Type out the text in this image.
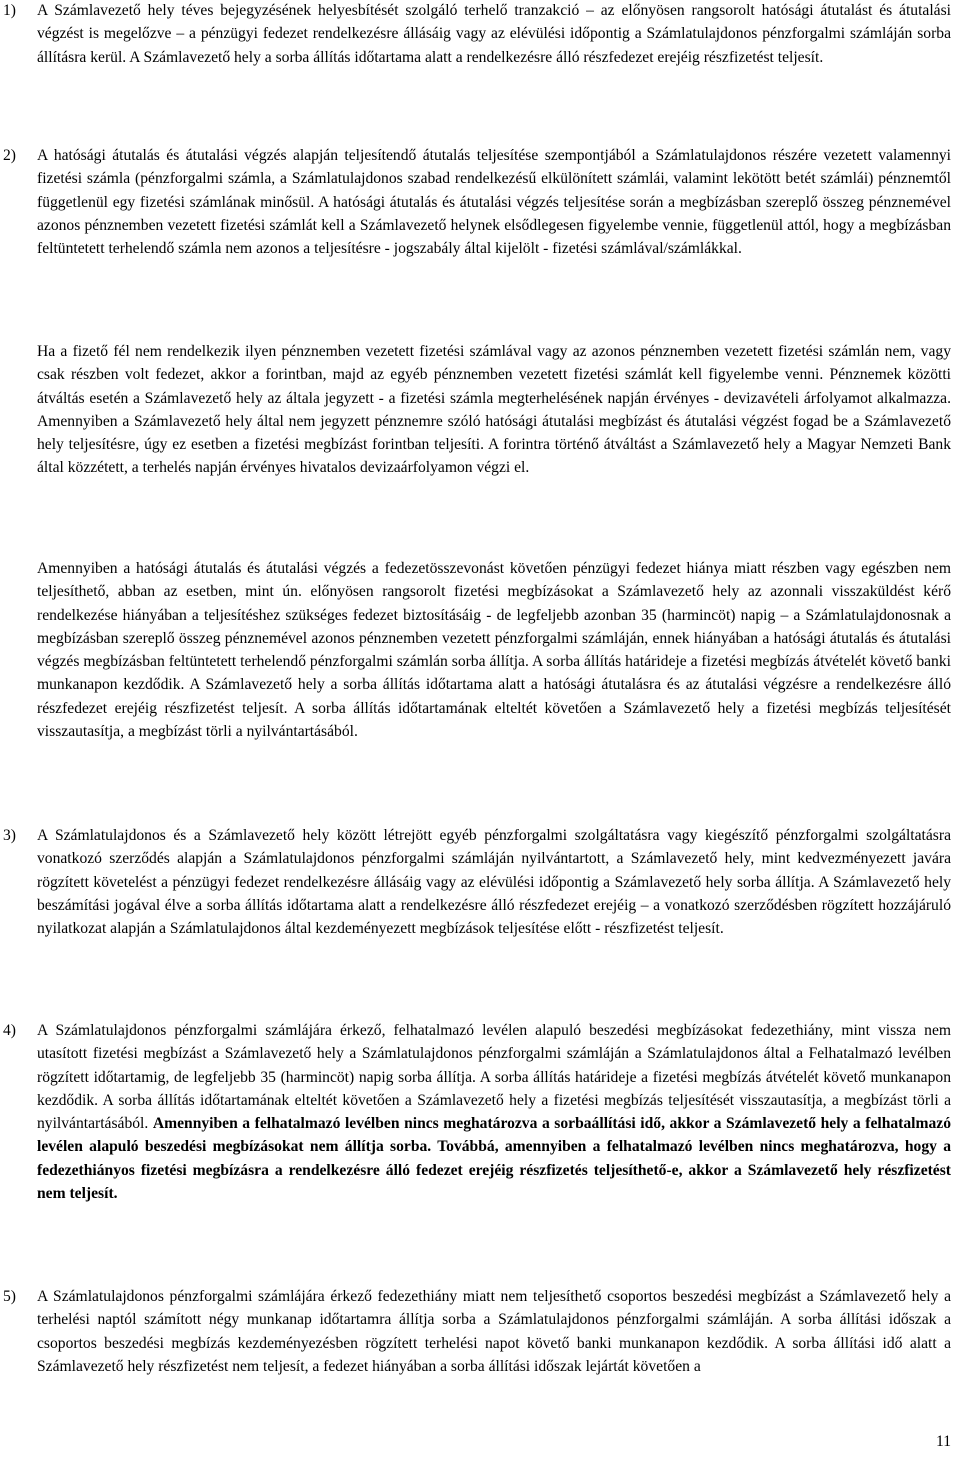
1) A Számlavezető hely téves bejegyzésének helyesbítését szolgáló terhelő tranzakció – az előnyösen rangsorolt hatósági átutalást és átutalási végzést is megelőzve – a pénzügyi fedezet rendelkezésre állásáig vagy az elévülési időpontig a Számlatulajdonos pénzforgalmi számláján sorba állításra kerül. A Számlavezető hely a sorba állítás időtartama alatt a rendelkezésre álló részfedezet erejéig részfizetést teljesít.

2) A hatósági átutalás és átutalási végzés alapján teljesítendő átutalás teljesítése szempontjából a Számlatulajdonos részére vezetett valamennyi fizetési számla (pénzforgalmi számla, a Számlatulajdonos szabad rendelkezésű elkülönített számlái, valamint lekötött betét számlái) pénznemtől függetlenül egy fizetési számlának minősül. A hatósági átutalás és átutalási végzés teljesítése során a megbízásban szereplő összeg pénznemével azonos pénznemben vezetett fizetési számlát kell a Számlavezető helynek elsődlegesen figyelembe vennie, függetlenül attól, hogy a megbízásban feltüntetett terhelendő számla nem azonos a teljesítésre - jogszabály által kijelölt - fizetési számlával/számlákkal.

Ha a fizető fél nem rendelkezik ilyen pénznemben vezetett fizetési számlával vagy az azonos pénznemben vezetett fizetési számlán nem, vagy csak részben volt fedezet, akkor a forintban, majd az egyéb pénznemben vezetett fizetési számlát kell figyelembe venni. Pénznemek közötti átváltás esetén a Számlavezető hely az általa jegyzett - a fizetési számla megterhelésének napján érvényes - devizavételi árfolyamot alkalmazza. Amennyiben a Számlavezető hely által nem jegyzett pénznemre szóló hatósági átutalási megbízást és átutalási végzést fogad be a Számlavezető hely teljesítésre, úgy ez esetben a fizetési megbízást forintban teljesíti. A forintra történő átváltást a Számlavezető hely a Magyar Nemzeti Bank által közzétett, a terhelés napján érvényes hivatalos devizaárfolyamon végzi el.

Amennyiben a hatósági átutalás és átutalási végzés a fedezetösszevonást követően pénzügyi fedezet hiánya miatt részben vagy egészben nem teljesíthető, abban az esetben, mint ún. előnyösen rangsorolt fizetési megbízásokat a Számlavezető hely az azonnali visszaküldést kérő rendelkezése hiányában a teljesítéshez szükséges fedezet biztosításáig - de legfeljebb azonban 35 (harmincöt) napig – a Számlatulajdonosnak a megbízásban szereplő összeg pénznemével azonos pénznemben vezetett pénzforgalmi számláján, ennek hiányában a hatósági átutalás és átutalási végzés megbízásban feltüntetett terhelendő pénzforgalmi számlán sorba állítja. A sorba állítás határideje a fizetési megbízás átvételét követő banki munkanapon kezdődik. A Számlavezető hely a sorba állítás időtartama alatt a hatósági átutalásra és az átutalási végzésre a rendelkezésre álló részfedezet erejéig részfizetést teljesít. A sorba állítás időtartamának elteltét követően a Számlavezető hely a fizetési megbízás teljesítését visszautasítja, a megbízást törli a nyilvántartásából.

3) A Számlatulajdonos és a Számlavezető hely között létrejött egyéb pénzforgalmi szolgáltatásra vagy kiegészítő pénzforgalmi szolgáltatásra vonatkozó szerződés alapján a Számlatulajdonos pénzforgalmi számláján nyilvántartott, a Számlavezető hely, mint kedvezményezett javára rögzített követelést a pénzügyi fedezet rendelkezésre állásáig vagy az elévülési időpontig a Számlavezető hely sorba állítja. A Számlavezető hely beszámítási jogával élve a sorba állítás időtartama alatt a rendelkezésre álló részfedezet erejéig – a vonatkozó szerződésben rögzített hozzájáruló nyilatkozat alapján a Számlatulajdonos által kezdeményezett megbízások teljesítése előtt - részfizetést teljesít.

4) A Számlatulajdonos pénzforgalmi számlájára érkező, felhatalmazó levélen alapuló beszedési megbízásokat fedezethiány, mint vissza nem utasított fizetési megbízást a Számlavezető hely a Számlatulajdonos pénzforgalmi számláján a Számlatulajdonos által a Felhatalmazó levélben rögzített időtartamig, de legfeljebb 35 (harmincöt) napig sorba állítja. A sorba állítás határideje a fizetési megbízás átvételét követő munkanapon kezdődik. A sorba állítás időtartamának elteltét követően a Számlavezető hely a fizetési megbízás teljesítését visszautasítja, a megbízást törli a nyilvántartásából. Amennyiben a felhatalmazó levélben nincs meghatározva a sorbaállítási idő, akkor a Számlavezető hely a felhatalmazó levélen alapuló beszedési megbízásokat nem állítja sorba. Továbbá, amennyiben a felhatalmazó levélben nincs meghatározva, hogy a fedezethiányos fizetési megbízásra a rendelkezésre álló fedezet erejéig részfizetés teljesíthető-e, akkor a Számlavezető hely részfizetést nem teljesít.

5) A Számlatulajdonos pénzforgalmi számlájára érkező fedezethiány miatt nem teljesíthető csoportos beszedési megbízást a Számlavezető hely a terhelési naptól számított négy munkanap időtartamra állítja sorba a Számlatulajdonos pénzforgalmi számláján. A sorba állítási időszak a csoportos beszedési megbízás kezdeményezésben rögzített terhelési napot követő banki munkanapon kezdődik. A sorba állítási idő alatt a Számlavezető hely részfizetést nem teljesít, a fedezet hiányában a sorba állítási időszak lejártát követően a

11
